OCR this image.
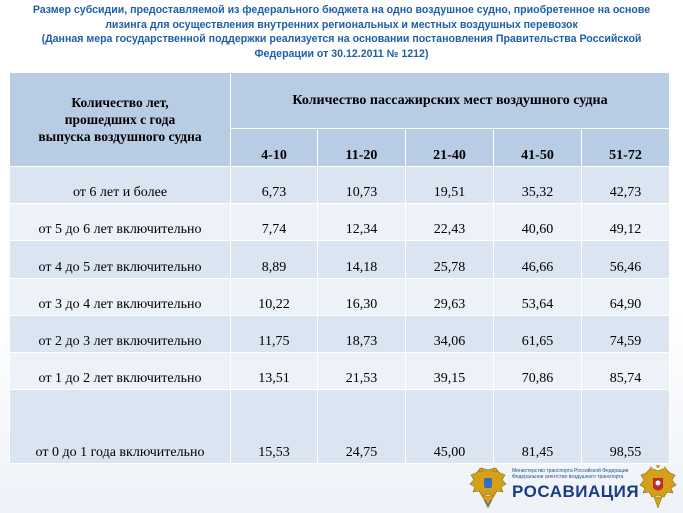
Размер субсидии, предоставляемой из федерального бюджета на одно воздушное судно, приобретенное на основе
лизинга для осуществления внутренних региональных и местных воздушных перевозок
(Данная мера государственной поддержки реализуется на основании постановления Правительства Российской
Федерации от 30.12.2011 № 1212)
Количество лет,
прошедших с года
выпуска воздушного судна	Количество пассажирских мест воздушного судна				
	4-10	11-20	21-40	41-50	51-72
от 6 лет и более	6,73	10,73	19,51	35,32	42,73
от 5 до 6 лет включительно	7,74	12,34	22,43	40,60	49,12
от 4 до 5 лет включительно	8,89	14,18	25,78	46,66	56,46
от 3 до 4 лет включительно	10,22	16,30	29,63	53,64	64,90
от 2 до 3 лет включительно	11,75	18,73	34,06	61,65	74,59
от 1 до 2 лет включительно	13,51	21,53	39,15	70,86	85,74
от 0 до 1 года включительно	15,53	24,75	45,00	81,45	98,55
Министерство транспорта Российской Федерации
Федеральное агентство воздушного транспорта
РОСАВИАЦИЯ
